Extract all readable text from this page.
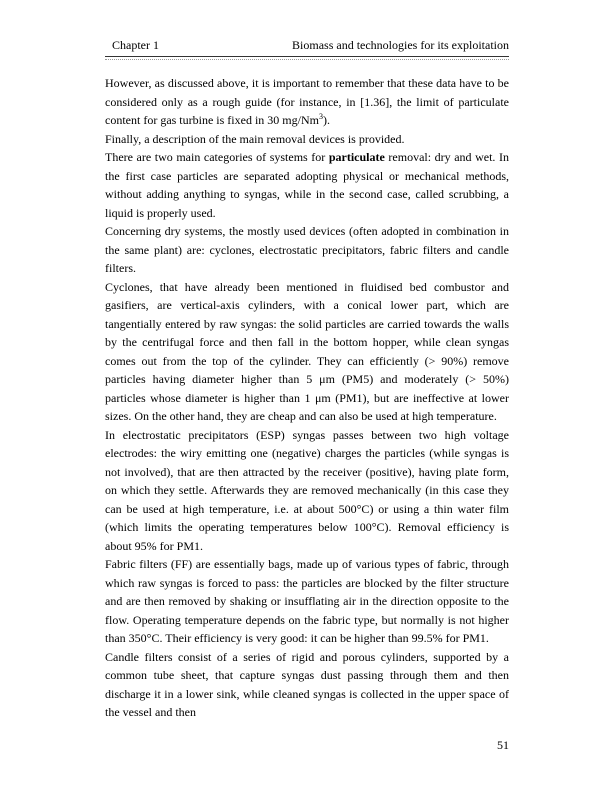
Chapter 1	Biomass and technologies for its exploitation

However, as discussed above, it is important to remember that these data have to be considered only as a rough guide (for instance, in [1.36], the limit of particulate content for gas turbine is fixed in 30 mg/Nm$^3$).

Finally, a description of the main removal devices is provided.

There are two main categories of systems for particulate removal: dry and wet. In the first case particles are separated adopting physical or mechanical methods, without adding anything to syngas, while in the second case, called scrubbing, a liquid is properly used.

Concerning dry systems, the mostly used devices (often adopted in combination in the same plant) are: cyclones, electrostatic precipitators, fabric filters and candle filters.

Cyclones, that have already been mentioned in fluidised bed combustor and gasifiers, are vertical-axis cylinders, with a conical lower part, which are tangentially entered by raw syngas: the solid particles are carried towards the walls by the centrifugal force and then fall in the bottom hopper, while clean syngas comes out from the top of the cylinder. They can efficiently (> 90%) remove particles having diameter higher than 5 μm (PM5) and moderately (> 50%) particles whose diameter is higher than 1 μm (PM1), but are ineffective at lower sizes. On the other hand, they are cheap and can also be used at high temperature.

In electrostatic precipitators (ESP) syngas passes between two high voltage electrodes: the wiry emitting one (negative) charges the particles (while syngas is not involved), that are then attracted by the receiver (positive), having plate form, on which they settle. Afterwards they are removed mechanically (in this case they can be used at high temperature, i.e. at about 500°C) or using a thin water film (which limits the operating temperatures below 100°C). Removal efficiency is about 95% for PM1.

Fabric filters (FF) are essentially bags, made up of various types of fabric, through which raw syngas is forced to pass: the particles are blocked by the filter structure and are then removed by shaking or insufflating air in the direction opposite to the flow. Operating temperature depends on the fabric type, but normally is not higher than 350°C. Their efficiency is very good: it can be higher than 99.5% for PM1.

Candle filters consist of a series of rigid and porous cylinders, supported by a common tube sheet, that capture syngas dust passing through them and then discharge it in a lower sink, while cleaned syngas is collected in the upper space of the vessel and then

51
